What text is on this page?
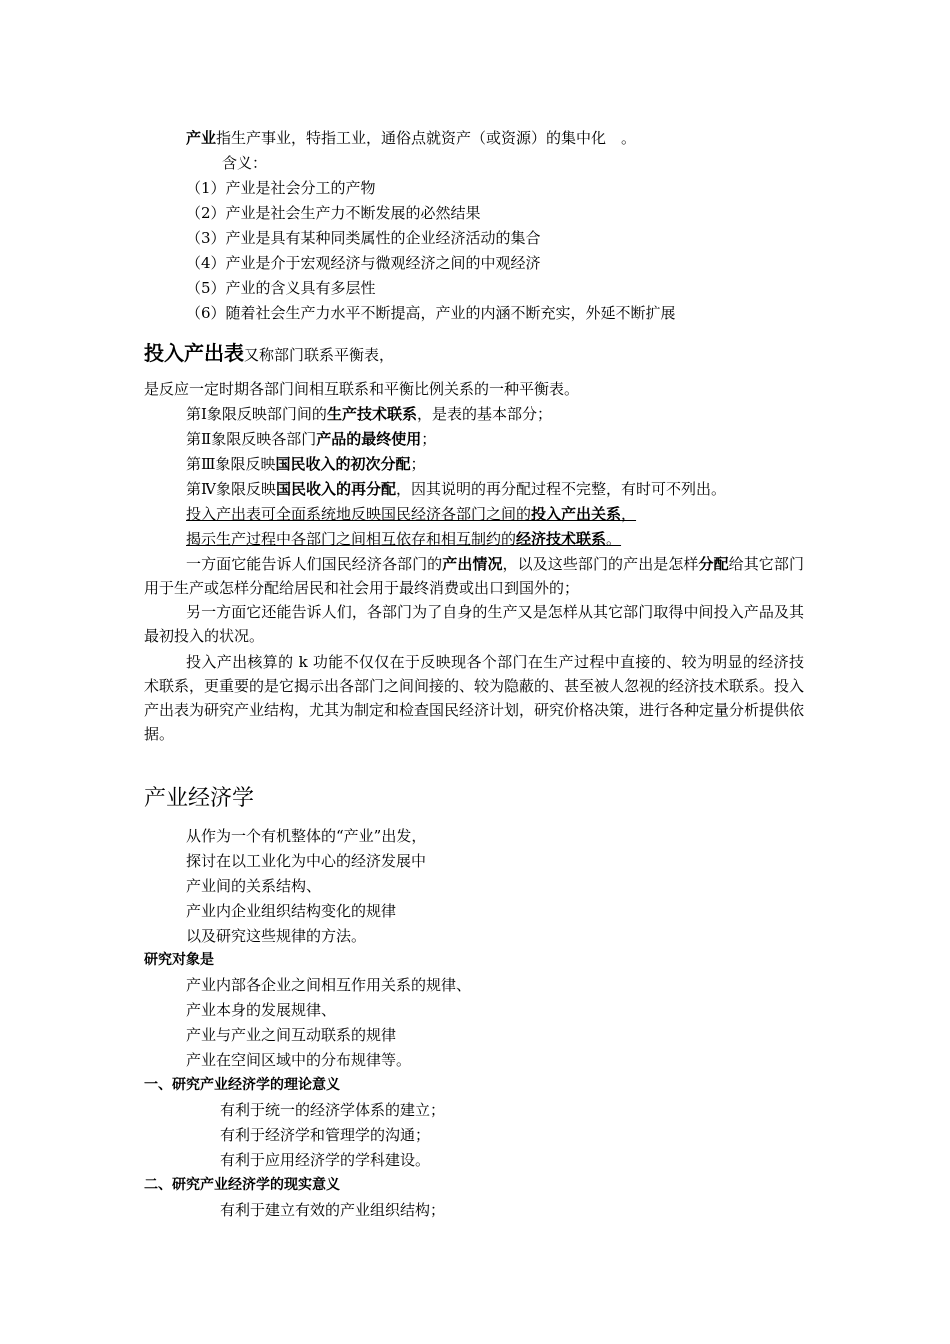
产业指生产事业，特指工业，通俗点就资产（或资源）的集中化　。
含义：
（1）产业是社会分工的产物
（2）产业是社会生产力不断发展的必然结果
（3）产业是具有某种同类属性的企业经济活动的集合
（4）产业是介于宏观经济与微观经济之间的中观经济
（5）产业的含义具有多层性
（6）随着社会生产力水平不断提高，产业的内涵不断充实，外延不断扩展
投入产出表又称部门联系平衡表，
是反应一定时期各部门间相互联系和平衡比例关系的一种平衡表。
第Ⅰ象限反映部门间的生产技术联系，是表的基本部分；
第Ⅱ象限反映各部门产品的最终使用；
第Ⅲ象限反映国民收入的初次分配；
第Ⅳ象限反映国民收入的再分配，因其说明的再分配过程不完整，有时可不列出。
投入产出表可全面系统地反映国民经济各部门之间的投入产出关系，
揭示生产过程中各部门之间相互依存和相互制约的经济技术联系。
一方面它能告诉人们国民经济各部门的产出情况，以及这些部门的产出是怎样分配给其它部门用于生产或怎样分配给居民和社会用于最终消费或出口到国外的；
另一方面它还能告诉人们，各部门为了自身的生产又是怎样从其它部门取得中间投入产品及其最初投入的状况。
投入产出核算的 k 功能不仅仅在于反映现各个部门在生产过程中直接的、较为明显的经济技术联系，更重要的是它揭示出各部门之间间接的、较为隐蔽的、甚至被人忽视的经济技术联系。投入产出表为研究产业结构，尤其为制定和检查国民经济计划，研究价格决策，进行各种定量分析提供依据。
产业经济学
从作为一个有机整体的“产业”出发，
探讨在以工业化为中心的经济发展中
产业间的关系结构、
产业内企业组织结构变化的规律
以及研究这些规律的方法。
研究对象是
产业内部各企业之间相互作用关系的规律、
产业本身的发展规律、
产业与产业之间互动联系的规律
产业在空间区域中的分布规律等。
一、研究产业经济学的理论意义
有利于统一的经济学体系的建立；
有利于经济学和管理学的沟通；
有利于应用经济学的学科建设。
二、研究产业经济学的现实意义
有利于建立有效的产业组织结构；
